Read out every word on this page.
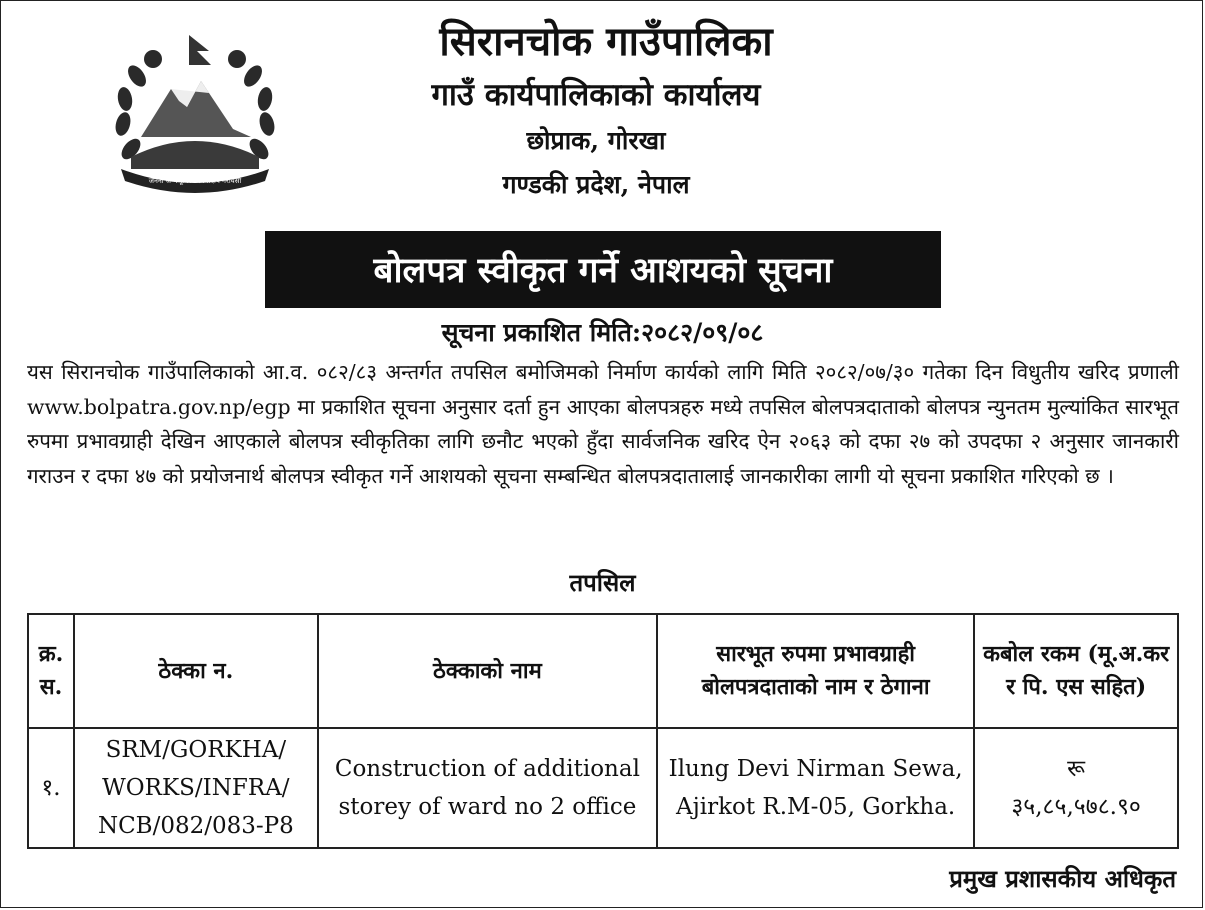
जननी जन्मभूमिश्च स्वर्गादपि गरीयसी
सिरानचोक गाउँपालिका
गाउँ कार्यपालिकाको कार्यालय
छोप्राक, गोरखा
गण्डकी प्रदेश, नेपाल
बोलपत्र स्वीकृत गर्ने आशयको सूचना
सूचना प्रकाशित मिति:२०८२/०९/०८
यस सिरानचोक गाउँपालिकाको आ.व. ०८२/८३ अन्तर्गत तपसिल बमोजिमको निर्माण कार्यको लागि मिति २०८२/०७/३० गतेका दिन विधुतीय खरिद प्रणाली www.bolpatra.gov.np/egp मा प्रकाशित सूचना अनुसार दर्ता हुन आएका बोलपत्रहरु मध्ये तपसिल बोलपत्रदाताको बोलपत्र न्युनतम मुल्यांकित सारभूत रुपमा प्रभावग्राही देखिन आएकाले बोलपत्र स्वीकृतिका लागि छनौट भएको हुँदा सार्वजनिक खरिद ऐन २०६३ को दफा २७ को उपदफा २ अनुसार जानकारी गराउन र दफा ४७ को प्रयोजनार्थ बोलपत्र स्वीकृत गर्ने आशयको सूचना सम्बन्धित बोलपत्रदातालाई जानकारीका लागी यो सूचना प्रकाशित गरिएको छ ।
तपसिल
क्र. स.	ठेक्का न.	ठेक्काको नाम	सारभूत रुपमा प्रभावग्राही बोलपत्रदाताको नाम र ठेगाना	कबोल रकम (मू.अ.कर र पि. एस सहित)
१.	SRM/GORKHA/ WORKS/INFRA/ NCB/082/083-P8	Construction of additional storey of ward no 2 office	Ilung Devi Nirman Sewa, Ajirkot R.M-05, Gorkha.	रू
३५,८५,५७८.९०
प्रमुख प्रशासकीय अधिकृत
